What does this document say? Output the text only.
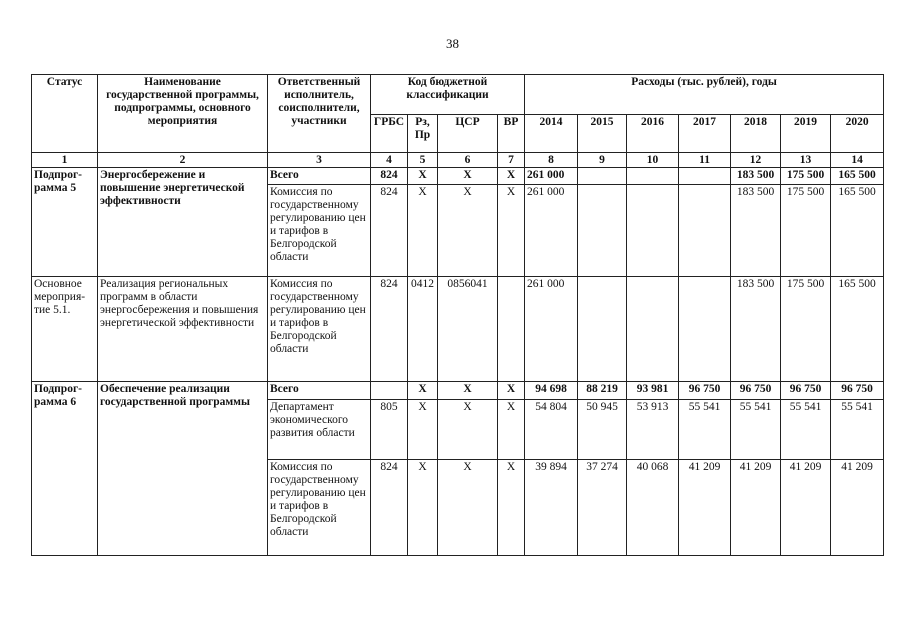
38
Статус	Наименование государственной программы, подпрограммы, основного мероприятия	Ответственный исполнитель, соисполнители, участники	Код бюджетной классификации				Расходы (тыс. рублей), годы						
			ГРБС	Рз, Пр	ЦСР	ВР	2014	2015	2016	2017	2018	2019	2020
1	2	3	4	5	6	7	8	9	10	11	12	13	14
Подпрог-рамма 5	Энергосбережение и повышение энергетической эффективности	Всего	824	X	X	X	261 000				183 500	175 500	165 500
		Комиссия по государственному регулированию цен и тарифов в Белгородской области	824	X	X	X	261 000				183 500	175 500	165 500
Основное мероприя-тие 5.1.	Реализация региональных программ в области энергосбережения и повышения энергетической эффективности	Комиссия по государственному регулированию цен и тарифов в Белгородской области	824	0412	0856041		261 000				183 500	175 500	165 500
Подпрог-рамма 6	Обеспечение реализации государственной программы	Всего		X	X	X	94 698	88 219	93 981	96 750	96 750	96 750	96 750
		Департамент экономического развития области	805	X	X	X	54 804	50 945	53 913	55 541	55 541	55 541	55 541
		Комиссия по государственному регулированию цен и тарифов в Белгородской области	824	X	X	X	39 894	37 274	40 068	41 209	41 209	41 209	41 209
